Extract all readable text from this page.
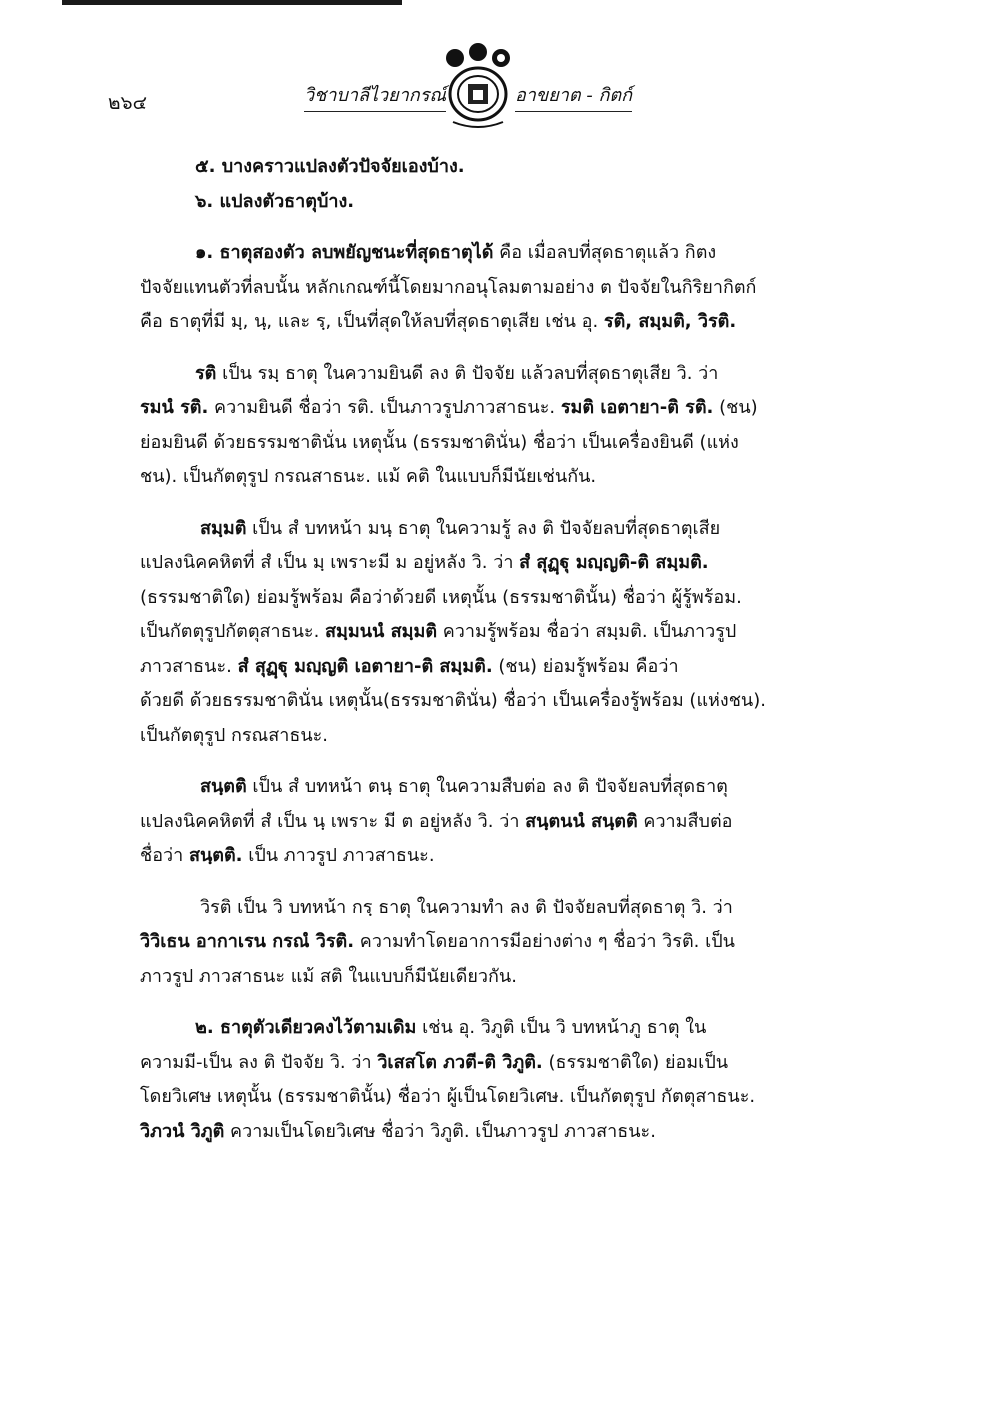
๒๖๔	วิชาบาลีไวยากรณ์	อาขยาต - กิตก์
๕. บางคราวแปลงตัวปัจจัยเองบ้าง.
๖. แปลงตัวธาตุบ้าง.
๑. ธาตุสองตัว ลบพยัญชนะที่สุดธาตุได้ คือ เมื่อลบที่สุดธาตุแล้ว กิตง
ปัจจัยแทนตัวที่ลบนั้น หลักเกณฑ์นี้โดยมากอนุโลมตามอย่าง ต ปัจจัยในกิริยากิตก์
คือ ธาตุที่มี มฺ, นฺ, และ รฺ, เป็นที่สุดให้ลบที่สุดธาตุเสีย เช่น อุ. รติ, สมฺมติ, วิรติ.
รติ เป็น รมฺ ธาตุ ในความยินดี ลง ติ ปัจจัย แล้วลบที่สุดธาตุเสีย วิ. ว่า
รมนํ รติ. ความยินดี ชื่อว่า รติ. เป็นภาวรูปภาวสาธนะ. รมติ เอตายา-ติ รติ. (ชน)
ย่อมยินดี ด้วยธรรมชาตินั่น เหตุนั้น (ธรรมชาตินั่น) ชื่อว่า เป็นเครื่องยินดี (แห่ง
ชน). เป็นกัตตุรูป กรณสาธนะ. แม้ คติ ในแบบก็มีนัยเช่นกัน.
สมฺมติ เป็น สํ บทหน้า มนฺ ธาตุ ในความรู้ ลง ติ ปัจจัยลบที่สุดธาตุเสีย
แปลงนิคคหิตที่ สํ เป็น มฺ เพราะมี ม อยู่หลัง วิ. ว่า สํ สุฏฺฐุ มญฺญติ-ติ สมฺมติ.
(ธรรมชาติใด) ย่อมรู้พร้อม คือว่าด้วยดี เหตุนั้น (ธรรมชาตินั้น) ชื่อว่า ผู้รู้พร้อม.
เป็นกัตตุรูปกัตตุสาธนะ. สมฺมนนํ สมฺมติ ความรู้พร้อม ชื่อว่า สมฺมติ. เป็นภาวรูป
ภาวสาธนะ. สํ สุฏฺฐุ มญฺญติ เอตายา-ติ สมฺมติ. (ชน) ย่อมรู้พร้อม คือว่า
ด้วยดี ด้วยธรรมชาตินั่น เหตุนั้น(ธรรมชาตินั่น) ชื่อว่า เป็นเครื่องรู้พร้อม (แห่งชน).
เป็นกัตตุรูป กรณสาธนะ.
สนฺตติ เป็น สํ บทหน้า ตนฺ ธาตุ ในความสืบต่อ ลง ติ ปัจจัยลบที่สุดธาตุ
แปลงนิคคหิตที่ สํ เป็น นฺ เพราะ มี ต อยู่หลัง วิ. ว่า สนฺตนนํ สนฺตติ ความสืบต่อ
ชื่อว่า สนฺตติ. เป็น ภาวรูป ภาวสาธนะ.
วิรติ เป็น วิ บทหน้า กรฺ ธาตุ ในความทำ ลง ติ ปัจจัยลบที่สุดธาตุ วิ. ว่า
วิวิเธน อากาเรน กรณํ วิรติ. ความทำโดยอาการมีอย่างต่าง ๆ ชื่อว่า วิรติ. เป็น
ภาวรูป ภาวสาธนะ แม้ สติ ในแบบก็มีนัยเดียวกัน.
๒. ธาตุตัวเดียวคงไว้ตามเดิม เช่น อุ. วิภูติ เป็น วิ บทหน้าภู ธาตุ ใน
ความมี-เป็น ลง ติ ปัจจัย วิ. ว่า วิเสสโต ภวตี-ติ วิภูติ. (ธรรมชาติใด) ย่อมเป็น
โดยวิเศษ เหตุนั้น (ธรรมชาตินั้น) ชื่อว่า ผู้เป็นโดยวิเศษ. เป็นกัตตุรูป กัตตุสาธนะ.
วิภวนํ วิภูติ ความเป็นโดยวิเศษ ชื่อว่า วิภูติ. เป็นภาวรูป ภาวสาธนะ.
